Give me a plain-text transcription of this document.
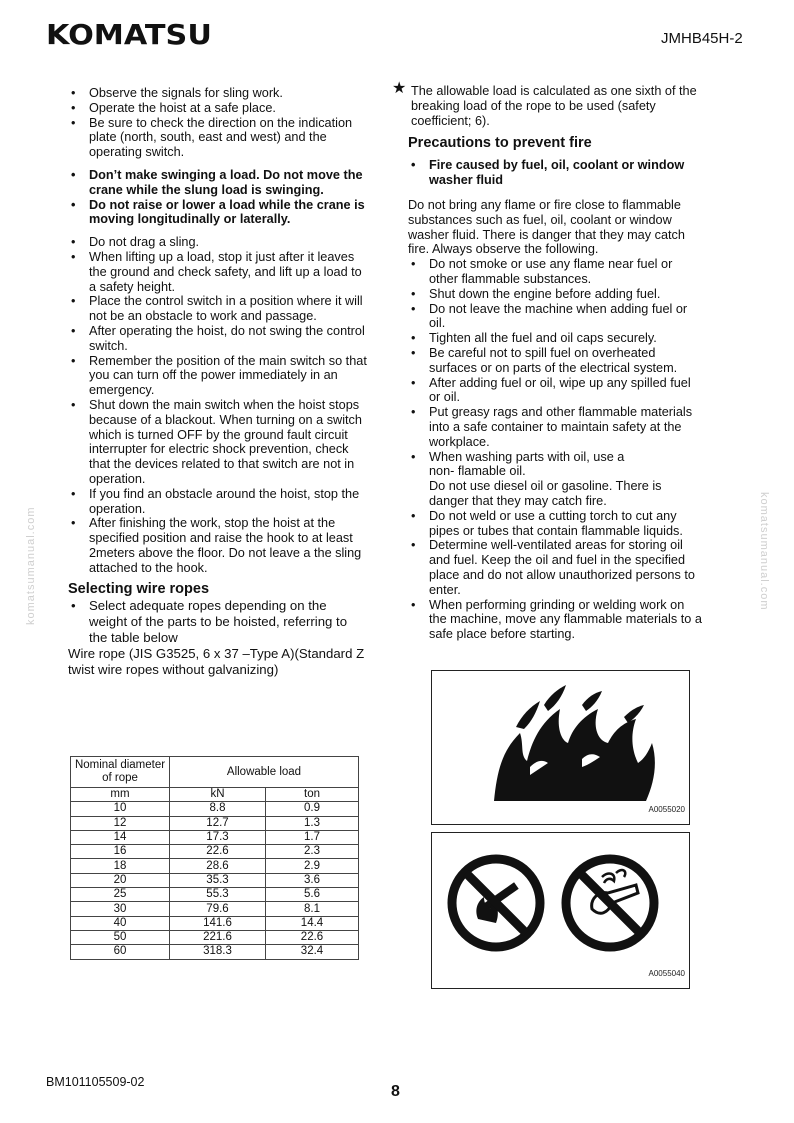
KOMATSU	JMHB45H-2
komatsumanual.com	komatsumanual.com
• Observe the signals for sling work.
• Operate the hoist at a safe place.
• Be sure to check the direction on the indication plate (north, south, east and west) and the operating switch.
• Don’t make swinging a load. Do not move the crane while the slung load is swinging.
• Do not raise or lower a load while the crane is moving longitudinally or laterally.
• Do not drag a sling.
• When lifting up a load, stop it just after it leaves the ground and check safety, and lift up a load to a safety height.
• Place the control switch in a position where it will not be an obstacle to work and passage.
• After operating the hoist, do not swing the control switch.
• Remember the position of the main switch so that you can turn off the power immediately in an emergency.
• Shut down the main switch when the hoist stops because of a blackout. When turning on a switch which is turned OFF by the ground fault circuit interrupter for electric shock prevention, check that the devices related to that switch are not in operation.
• If you find an obstacle around the hoist, stop the operation.
• After finishing the work, stop the hoist at the specified position and raise the hook to at least 2meters above the floor. Do not leave a the sling attached to the hook.
Selecting wire ropes
• Select adequate ropes depending on the weight of the parts to be hoisted, referring to the table below
Wire rope (JIS G3525, 6 x 37 –Type A)(Standard Z twist wire ropes without galvanizing)
Nominal diameter of rope	Allowable load	
mm	kN	ton
10	8.8	0.9
12	12.7	1.3
14	17.3	1.7
16	22.6	2.3
18	28.6	2.9
20	35.3	3.6
25	55.3	5.6
30	79.6	8.1
40	141.6	14.4
50	221.6	22.6
60	318.3	32.4
★ The allowable load is calculated as one sixth of the breaking load of the rope to be used (safety coefficient; 6).
Precautions to prevent fire
• Fire caused by fuel, oil, coolant or window washer fluid
Do not bring any flame or fire close to flammable substances such as fuel, oil, coolant or window washer fluid. There is danger that they may catch fire. Always observe the following.
• Do not smoke or use any flame near fuel or other flammable substances.
• Shut down the engine before adding fuel.
• Do not leave the machine when adding fuel or oil.
• Tighten all the fuel and oil caps securely.
• Be careful not to spill fuel on overheated surfaces or on parts of the electrical system.
• After adding fuel or oil, wipe up any spilled fuel or oil.
• Put greasy rags and other flammable materials into a safe container to maintain safety at the workplace.
• When washing parts with oil, use a
non- flamable oil.
Do not use diesel oil or gasoline. There is danger that they may catch fire.
• Do not weld or use a cutting torch to cut any pipes or tubes that contain flammable liquids.
• Determine well-ventilated areas for storing oil and fuel. Keep the oil and fuel in the specified place and do not allow unauthorized persons to enter.
• When performing grinding or welding work on the machine, move any flammable materials to a safe place before starting.
A0055020
A0055040
BM101105509-02
8
